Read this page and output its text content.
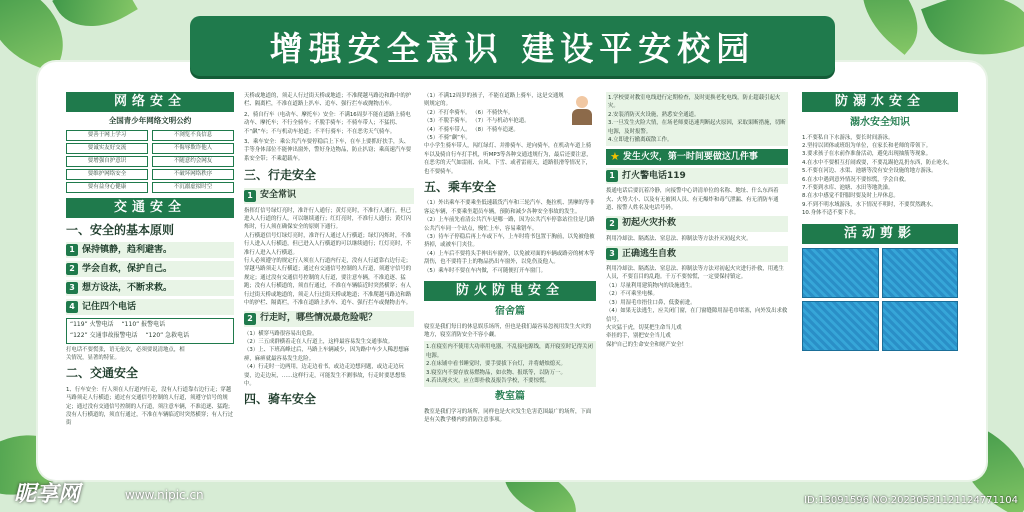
增强安全意识 建设平安校园
网络安全
全国青少年网络文明公约
要善于网上学习	不浏览不良信息
要诚实友好交流	不侮辱欺诈他人
要增强自护意识	不随意约会网友
要维护网络安全	不破坏网络秩序
要有益身心健康	不沉溺虚拟时空
交通安全
一、安全的基本原则
1 保持镇静，趋利避害。
2 学会自救，保护自己。
3 想方设法，不断求救。
4 记住四个电话
“119” 火警电话 “110” 报警电话
“122” 交通事故报警电话 “120” 急救电话
打电话不要慌张，语无伦次，必须要说清地点，相关情况，显著的特征。
二、交通安全
1、行车安全：行人须在人行道内行走，没有人行道靠右边行走；穿越马路须走人行横道；通过有交通信号控制的人行道，须遵守信号的规定；通过没有交通信号控制的人行道，须注意车辆，不准追逐、猛跑；没有人行横道的，须直行通过，不准在车辆临近时突然横穿；有人行过街
天桥或地道的，须走人行过街天桥或地道；不准爬越马路边和路中的护栏、隔离栏，不准在道路上扒车、追车、强行拦车或抛物击车。
2、骑自行车（电动车、摩托车）安全：不满16周岁不能在道路上骑电动车、摩托车；不行全骑车；不脱手骑车；不骑车带人；不猛拐、不“飙”车；不与机动车抢道；不平行骑车；不在恶劣天气骑车。
3、乘车安全：乘公共汽车要停稳后上下车，在车上要抓好扶手，头、手等身体部位不能伸出窗外，警好身边物品，防止扒窃；乘高速汽车要系安全带；不乘超载车。
三、行走安全
1 安全常识
指挥灯信号绿灯亮时，准许行人通行；黄灯亮时，不准行人通行，但已进入人行道的行人，可以继续通行；红灯亮时，不准行人通行；黄灯闪烁时，行人须在确保安全的原则下通行。
人行横道信号灯绿灯亮时，准许行人通过人行横道；绿灯闪烁时，不准行人进入人行横道，但已进入人行横道的可以继续通行；红灯亮时，不准行人进入人行横道。
行人必须遵守的规定行人须在人行道内行走，没有人行道靠右边行走；穿越马路须走人行横道；通过有交通信号控制的人行道，须遵守信号的规定；通过没有交通信号控制的人行道，要注意车辆，不准追逐、猛跑；没有人行横道的，须直行通过，不准在车辆临近时突然横穿；有人行过街天桥或地道的，须走人行过街天桥或地道；不准爬越马路边和路中的护栏、隔离栏，不准在道路上扒车、追车、强行拦车或抛物击车。
2 行走时，哪些情况最危险呢？
（1）横穿马路很容易出危险。
（2）三五成群横着走在人行道上，这样最容易发生交通事故。
（3）上、下班高峰过后，马路上车辆减少，因为路中车少人稀思想麻痹，麻痹就最容易发生危险。
（4）行走时一边两用，边走边看书，或边走边想问题，或边走边玩耍，边走边玩，……这样行走，可能发生不测事故，行走时要思想集中。
四、骑车安全
（1）不满12周岁的孩子，不能在道路上骑车，这是交通规则规定的。
（2）不打伞骑车。 （6）不骑快车。
（3）不脱手骑车。 （7）不与机动车抢道。
（4）不骑车带人。 （8）不骑车追逐。
（5）不骑“飙”车。
中小学生骑车带人，闯红绿灯、并排骑车、逆向骑车，在机动车道上骑车以及骑自行车打手机，听MP3等各种交通违规行为，最后还要注意，在恶劣的天气如雷雨、台风、下雪、或者雷雨天，道路很滑等情况下，也不要骑车。
五、乘车安全
（1）外出乘车不要乘坐低速载货汽车和三轮汽车、拖拉机、黑摩的等非客运车辆，不要乘坐超员车辆，预防和减少各种安全事故的发生。
（2）上车前先看清公共汽车是哪一路，因为公共汽车停靠站往往是几路公共汽车同一个站点，慢忙上车，容易乘错车。
（3）待车子停稳后再上车或下车，上车时将书包置于胸前，以免被他被挤掉，或被车门夹住。
（4）上车后不要将头手伸出车窗外，以免被对面的车辆或路旁的树木等刮伤，也不要将手上的物品扔出车窗外，以免伤及他人。
（5）乘车时不要在车内做，不可随便打开车窗门。
防火防电安全
宿舍篇
寝室是我们每日的休息娱乐场所，但也是我们最容易忽视用发生火灾的地方，寝室消防安全不容小觑。
1.在寝室内不使用大功率用电器，不乱接电源线，离开寝室时记得关闭电源。
2.在床铺中看书睡觉时，要手要拔下台灯，并将蜡烛熄灭。
3.寝室内不要存放易燃物品，如衣物、报纸等，以防万一。
4.若出现火灾，应立即扑救及报告学校，不要惊慌。
教室篇
教室是我们学习的场所，同样也是火灾发生危害范围最广的场所，下面是有关教学楼内的消防注意事项。
1.学校要对教室电线进行定期检查，及时更换老化电线，防止超载引起火灾。
2.安装消防灭火设施，熟悉安全通道。
3.一旦发生火险大情，在场老师要迅速判断起火原因，采取果断措施，切断电源，及时报警。
4.立即进行撤离疏散工作。
★ 发生火灾，第一时间要做这几件事
1 打火警电话119
拨通电话后要沉着冷静，向接警中心讲清单位的名称、地址、什么东西着火、火势大小、以及有无被困人员、有无爆炸和毒气泄漏、有无消防车通道、报警人姓名及电话号码。
2 初起火灾扑救
利用冷却法、隔离法、窒息法、抑制法等方法扑灭初起火灾。
3 正确逃生自救
利用冷却法、隔离法、窒息法、抑制法等方法对初起火灾进行扑救，用逃生人员，不要盲目的乱跑。千万不要惊慌，一定要保持镇定。
（1）尽量利用建筑物内的设施逃生。
（2）不可乘坐电梯。
（3）用湿毛巾捂住口鼻，低姿前进。
（4）如果无法逃生，应关闭门窗，在门窗缝隙用湿毛巾堵塞，向外发出求救信号。
火灾猛于虎，切莫把生命当儿戏
牵挂的手，别把安全当儿戏
保护自己的生命安全和财产安全！
防溺水安全
溺水安全知识
1.不要私自下水游泳，要长时间游泳。
2.坚持以团体或班组为单位，在家长和老师的带领下。
3.要求孩子在水前作准备活动，避免出现抽筋等现象。
4.在水中不要相互打闹戏耍，不要乱踢抢乱扔东西，防止呛水。
5.不要在河边、水渠、池塘等没有安全设施的地方游泳。
6.在水中遇到意外情况不要惊慌，学会自救。
7.不要到水库、池塘、水田等地洗澡。
8.在水中感觉不舒服时要及时上岸休息。
9.不到不明水域游泳，水下情况不明时，不要贸然跳水。
10.身体不适不要下水。
活动剪影
昵享网	www.nipic.cn	ID:13091596 NO:20230531121124771104
